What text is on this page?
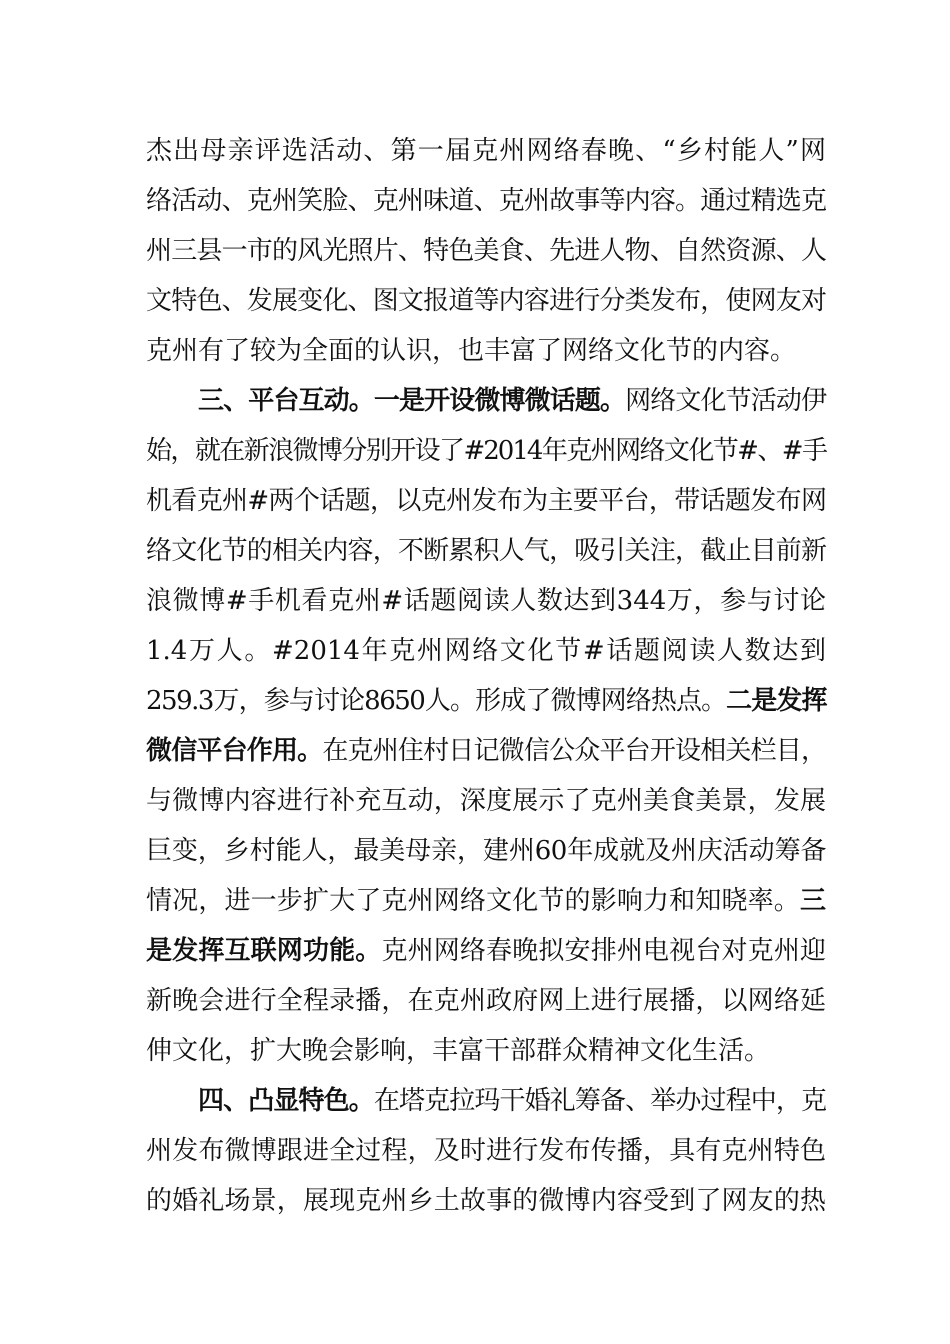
杰出母亲评选活动、第一届克州网络春晚、“乡村能人”网
络活动、克州笑脸、克州味道、克州故事等内容。通过精选克
州三县一市的风光照片、特色美食、先进人物、自然资源、人
文特色、发展变化、图文报道等内容进行分类发布，使网友对
克州有了较为全面的认识，也丰富了网络文化节的内容。
三、平台互动。一是开设微博微话题。网络文化节活动伊
始，就在新浪微博分别开设了#2014年克州网络文化节#、#手
机看克州#两个话题，以克州发布为主要平台，带话题发布网
络文化节的相关内容，不断累积人气，吸引关注，截止目前新
浪微博#手机看克州#话题阅读人数达到344万，参与讨论
1.4万人。#2014年克州网络文化节#话题阅读人数达到
259.3万，参与讨论8650人。形成了微博网络热点。二是发挥
微信平台作用。在克州住村日记微信公众平台开设相关栏目，
与微博内容进行补充互动，深度展示了克州美食美景，发展
巨变，乡村能人，最美母亲，建州60年成就及州庆活动筹备
情况，进一步扩大了克州网络文化节的影响力和知晓率。三
是发挥互联网功能。克州网络春晚拟安排州电视台对克州迎
新晚会进行全程录播，在克州政府网上进行展播，以网络延
伸文化，扩大晚会影响，丰富干部群众精神文化生活。
四、凸显特色。在塔克拉玛干婚礼筹备、举办过程中，克
州发布微博跟进全过程，及时进行发布传播，具有克州特色
的婚礼场景，展现克州乡土故事的微博内容受到了网友的热
